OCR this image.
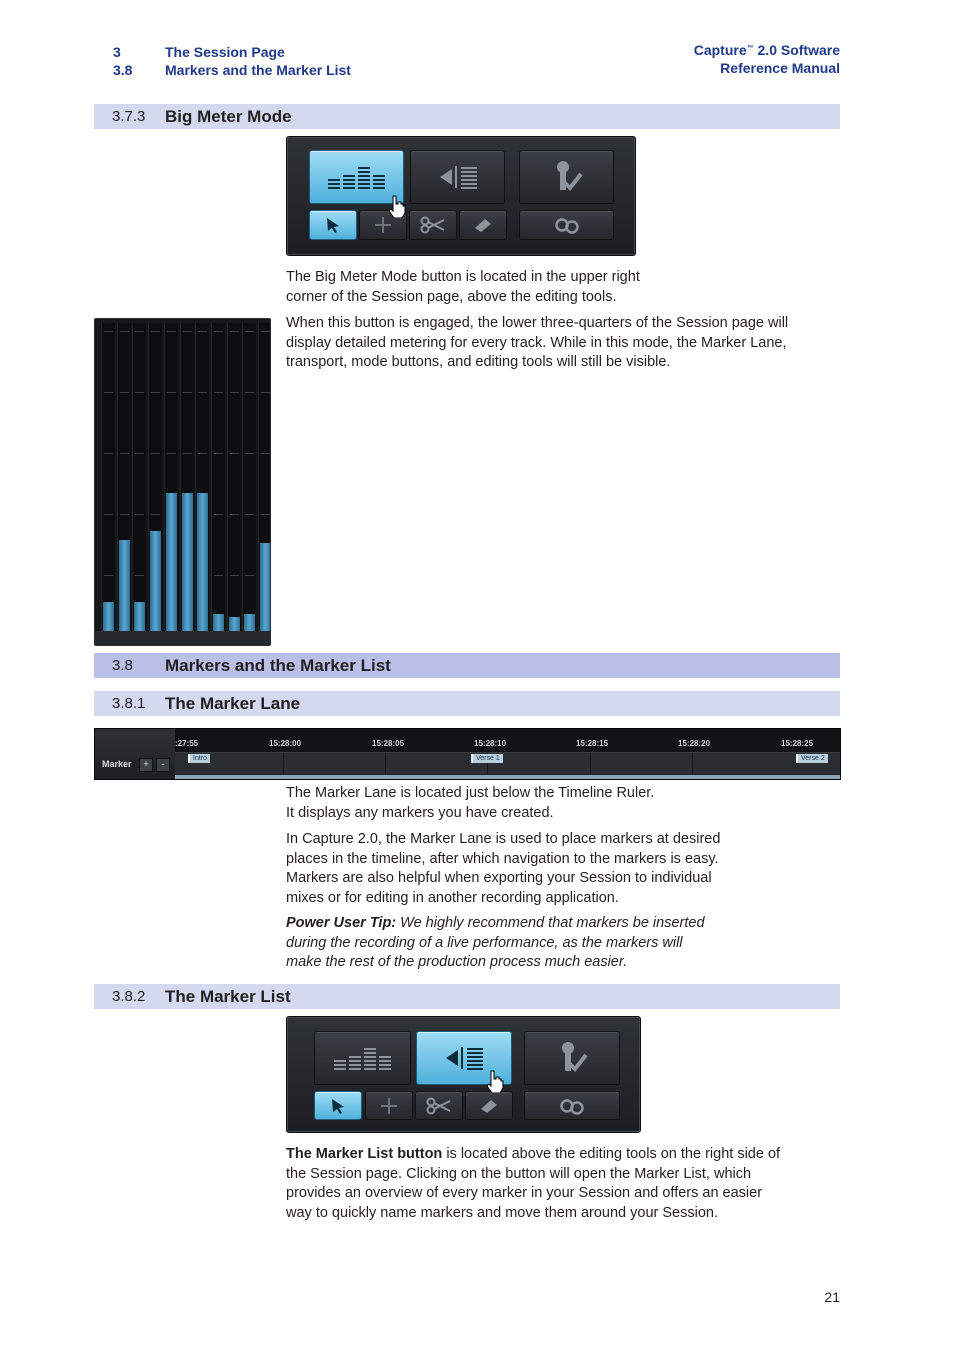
3	The Session Page
3.8 Markers and the Marker List
Capture™ 2.0 Software
Reference Manual
3.7.3 Big Meter Mode

The Big Meter Mode button is located in the upper right corner of the Session page, above the editing tools.

When this button is engaged, the lower three-quarters of the Session page will display detailed metering for every track. While in this mode, the Marker Lane, transport, mode buttons, and editing tools will still be visible.

3.8 Markers and the Marker List
3.8.1 The Marker Lane
:27:55	15:28:00	15:28:05	15:28:10	15:28:15	15:28:20	15:28:25
Marker	+	-
Intro	Verse 1	Verse 2

The Marker Lane is located just below the Timeline Ruler. It displays any markers you have created.

In Capture 2.0, the Marker Lane is used to place markers at desired places in the timeline, after which navigation to the markers is easy. Markers are also helpful when exporting your Session to individual mixes or for editing in another recording application.

Power User Tip: We highly recommend that markers be inserted during the recording of a live performance, as the markers will make the rest of the production process much easier.

3.8.2 The Marker List

The Marker List button is located above the editing tools on the right side of the Session page. Clicking on the button will open the Marker List, which provides an overview of every marker in your Session and offers an easier way to quickly name markers and move them around your Session.

21
